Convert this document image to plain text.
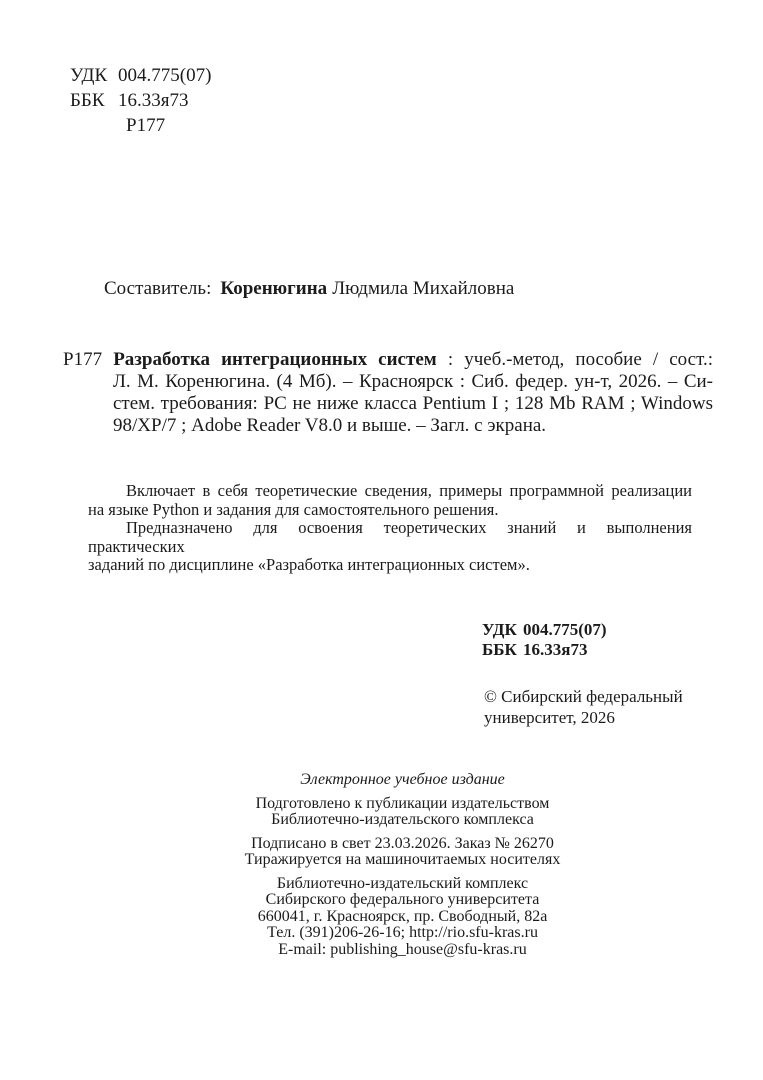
УДК 004.775(07)
ББК 16.33я73
Р177
Составитель: Коренюгина Людмила Михайловна
Р177 Разработка интеграционных систем : учеб.-метод, пособие / сост.:
Л. М. Коренюгина. (4 Мб). – Красноярск : Сиб. федер. ун-т, 2026. – Си-
стем. требования: PC не ниже класса Pentium I ; 128 Mb RAM ; Windows
98/ХР/7 ; Adobe Reader V8.0 и выше. – Загл. с экрана.
Включает в себя теоретические сведения, примеры программной реализации
на языке Python и задания для самостоятельного решения.
Предназначено для освоения теоретических знаний и выполнения практических
заданий по дисциплине «Разработка интеграционных систем».
УДК 004.775(07)
ББК 16.33я73
© Сибирский федеральный
университет, 2026
Электронное учебное издание
Подготовлено к публикации издательством
Библиотечно-издательского комплекса
Подписано в свет 23.03.2026. Заказ № 26270
Тиражируется на машиночитаемых носителях
Библиотечно-издательский комплекс
Сибирского федерального университета
660041, г. Красноярск, пр. Свободный, 82а
Тел. (391)206-26-16; http://rio.sfu-kras.ru
E-mail: publishing_house@sfu-kras.ru
